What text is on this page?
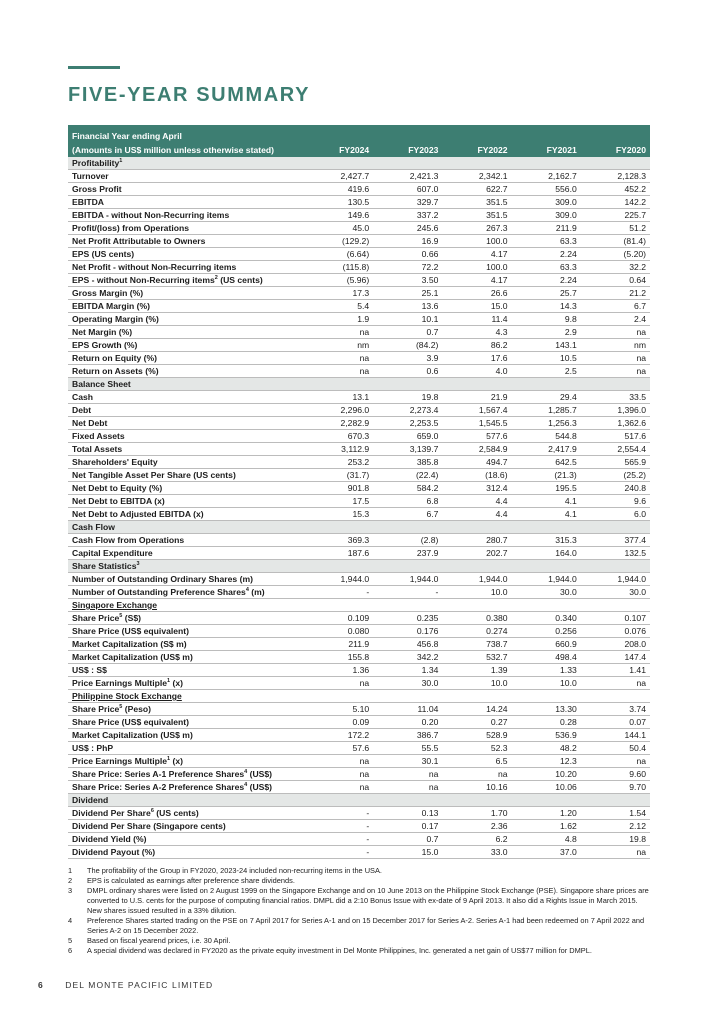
FIVE-YEAR SUMMARY
Financial Year ending April					
(Amounts in US$ million unless otherwise stated)	FY2024	FY2023	FY2022	FY2021	FY2020
Profitability$^1$
Turnover	2,427.7	2,421.3	2,342.1	2,162.7	2,128.3
Gross Profit	419.6	607.0	622.7	556.0	452.2
EBITDA	130.5	329.7	351.5	309.0	142.2
EBITDA - without Non-Recurring items	149.6	337.2	351.5	309.0	225.7
Profit/(loss) from Operations	45.0	245.6	267.3	211.9	51.2
Net Profit Attributable to Owners	(129.2)	16.9	100.0	63.3	(81.4)
EPS (US cents)	(6.64)	0.66	4.17	2.24	(5.20)
Net Profit - without Non-Recurring items	(115.8)	72.2	100.0	63.3	32.2
EPS - without Non-Recurring items$^2$ (US cents)	(5.96)	3.50	4.17	2.24	0.64
Gross Margin (%)	17.3	25.1	26.6	25.7	21.2
EBITDA Margin (%)	5.4	13.6	15.0	14.3	6.7
Operating Margin (%)	1.9	10.1	11.4	9.8	2.4
Net Margin (%)	na	0.7	4.3	2.9	na
EPS Growth (%)	nm	(84.2)	86.2	143.1	nm
Return on Equity (%)	na	3.9	17.6	10.5	na
Return on Assets (%)	na	0.6	4.0	2.5	na
Balance Sheet					
Cash	13.1	19.8	21.9	29.4	33.5
Debt	2,296.0	2,273.4	1,567.4	1,285.7	1,396.0
Net Debt	2,282.9	2,253.5	1,545.5	1,256.3	1,362.6
Fixed Assets	670.3	659.0	577.6	544.8	517.6
Total Assets	3,112.9	3,139.7	2,584.9	2,417.9	2,554.4
Shareholders' Equity	253.2	385.8	494.7	642.5	565.9
Net Tangible Asset Per Share (US cents)	(31.7)	(22.4)	(18.6)	(21.3)	(25.2)
Net Debt to Equity (%)	901.8	584.2	312.4	195.5	240.8
Net Debt to EBITDA (x)	17.5	6.8	4.4	4.1	9.6
Net Debt to Adjusted EBITDA (x)	15.3	6.7	4.4	4.1	6.0
Cash Flow					
Cash Flow from Operations	369.3	(2.8)	280.7	315.3	377.4
Capital Expenditure	187.6	237.9	202.7	164.0	132.5
Share Statistics$^3$
Number of Outstanding Ordinary Shares (m)	1,944.0	1,944.0	1,944.0	1,944.0	1,944.0
Number of Outstanding Preference Shares$^4$ (m)	-	-	10.0	30.0	30.0
Singapore Exchange					
Share Price$^5$ (S$)	0.109	0.235	0.380	0.340	0.107
Share Price (US$ equivalent)	0.080	0.176	0.274	0.256	0.076
Market Capitalization (S$ m)	211.9	456.8	738.7	660.9	208.0
Market Capitalization (US$ m)	155.8	342.2	532.7	498.4	147.4
US$ : S$	1.36	1.34	1.39	1.33	1.41
Price Earnings Multiple$^1$ (x)	na	30.0	10.0	10.0	na
Philippine Stock Exchange					
Share Price$^5$ (Peso)	5.10	11.04	14.24	13.30	3.74
Share Price (US$ equivalent)	0.09	0.20	0.27	0.28	0.07
Market Capitalization (US$ m)	172.2	386.7	528.9	536.9	144.1
US$ : PhP	57.6	55.5	52.3	48.2	50.4
Price Earnings Multiple$^1$ (x)	na	30.1	6.5	12.3	na
Share Price: Series A-1 Preference Shares$^4$ (US$)	na	na	na	10.20	9.60
Share Price: Series A-2 Preference Shares$^4$ (US$)	na	na	10.16	10.06	9.70
Dividend					
Dividend Per Share$^6$ (US cents)	-	0.13	1.70	1.20	1.54
Dividend Per Share (Singapore cents)	-	0.17	2.36	1.62	2.12
Dividend Yield (%)	-	0.7	6.2	4.8	19.8
Dividend Payout (%)	-	15.0	33.0	37.0	na
1	The profitability of the Group in FY2020, 2023-24 included non-recurring items in the USA.
2	EPS is calculated as earnings after preference share dividends.
3	DMPL ordinary shares were listed on 2 August 1999 on the Singapore Exchange and on 10 June 2013 on the Philippine Stock Exchange (PSE). Singapore share prices are converted to U.S. cents for the purpose of computing financial ratios. DMPL did a 2:10 Bonus Issue with ex-date of 9 April 2013. It also did a Rights Issue in March 2015. New shares issued resulted in a 33% dilution.
4	Preference Shares started trading on the PSE on 7 April 2017 for Series A-1 and on 15 December 2017 for Series A-2. Series A-1 had been redeemed on 7 April 2022 and Series A-2 on 15 December 2022.
5	Based on fiscal yearend prices, i.e. 30 April.
6	A special dividend was declared in FY2020 as the private equity investment in Del Monte Philippines, Inc. generated a net gain of US$77 million for DMPL.
6	DEL MONTE PACIFIC LIMITED
